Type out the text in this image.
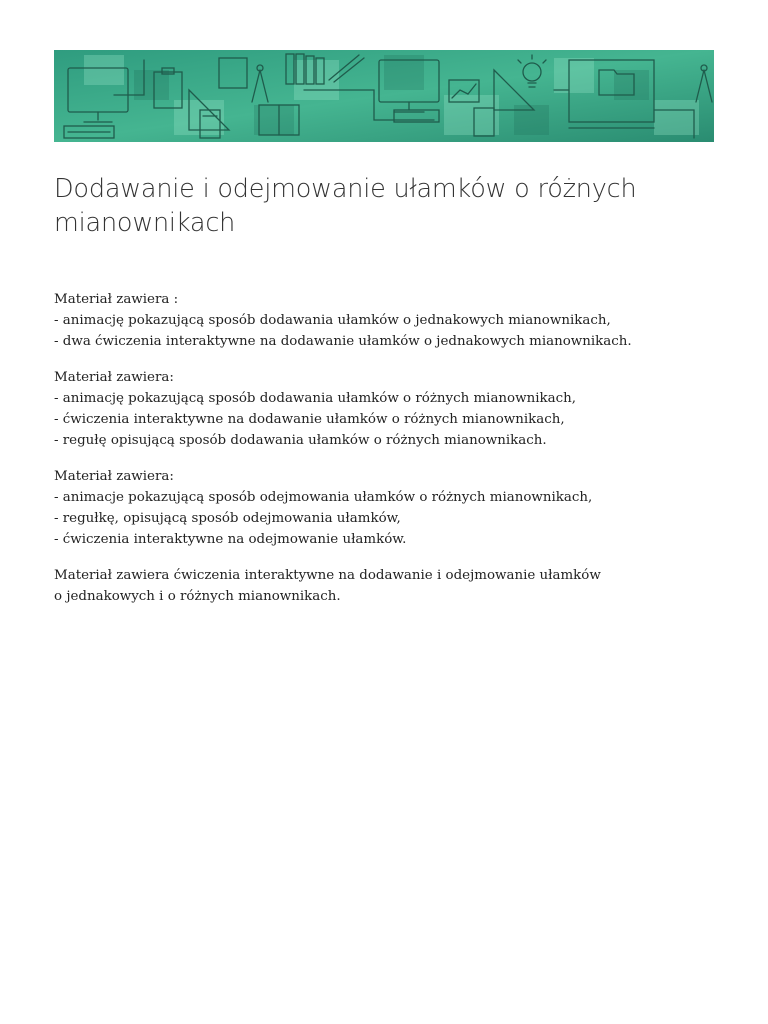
Dodawanie i odejmowanie ułamków o różnych mianownikach
Materiał zawiera :
- animację pokazującą sposób dodawania ułamków o jednakowych mianownikach,
- dwa ćwiczenia interaktywne na dodawanie ułamków o jednakowych mianownikach.
Materiał zawiera:
- animację pokazującą sposób dodawania ułamków o różnych mianownikach,
- ćwiczenia interaktywne na dodawanie ułamków o różnych mianownikach,
- regułę opisującą sposób dodawania ułamków o różnych mianownikach.
Materiał zawiera:
- animacje pokazującą sposób odejmowania ułamków o różnych mianownikach,
- regułkę, opisującą sposób odejmowania ułamków,
- ćwiczenia interaktywne na odejmowanie ułamków.
Materiał zawiera ćwiczenia interaktywne na dodawanie i odejmowanie ułamków
o jednakowych i o różnych mianownikach.
